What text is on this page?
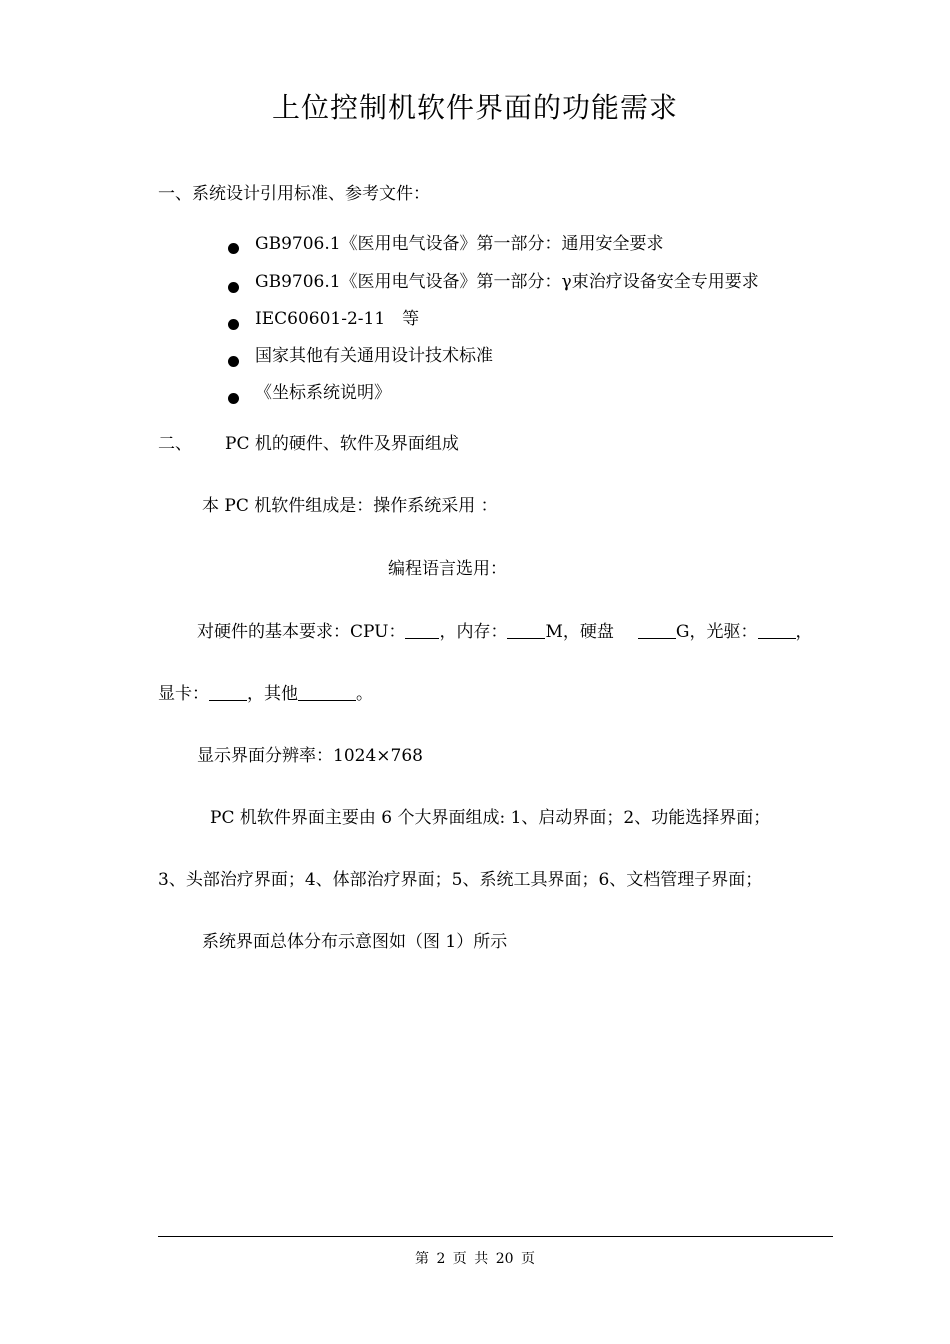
上位控制机软件界面的功能需求
一、系统设计引用标准、参考文件：
GB9706.1《医用电气设备》第一部分：通用安全要求
GB9706.1《医用电气设备》第一部分：γ束治疗设备安全专用要求
IEC60601-2-11　等
国家其他有关通用设计技术标准
《坐标系统说明》
二、 PC 机的硬件、软件及界面组成
本 PC 机软件组成是：操作系统采用 ：
编程语言选用：
对硬件的基本要求：CPU： ，内存： M，硬盘	G，光驱： ，
显卡： ，其他	。
显示界面分辨率：1024×768
PC 机软件界面主要由 6 个大界面组成: 1、启动界面；2、功能选择界面；
3、头部治疗界面；4、体部治疗界面；5、系统工具界面；6、文档管理子界面；
系统界面总体分布示意图如（图 1）所示
第 2 页 共 20 页
